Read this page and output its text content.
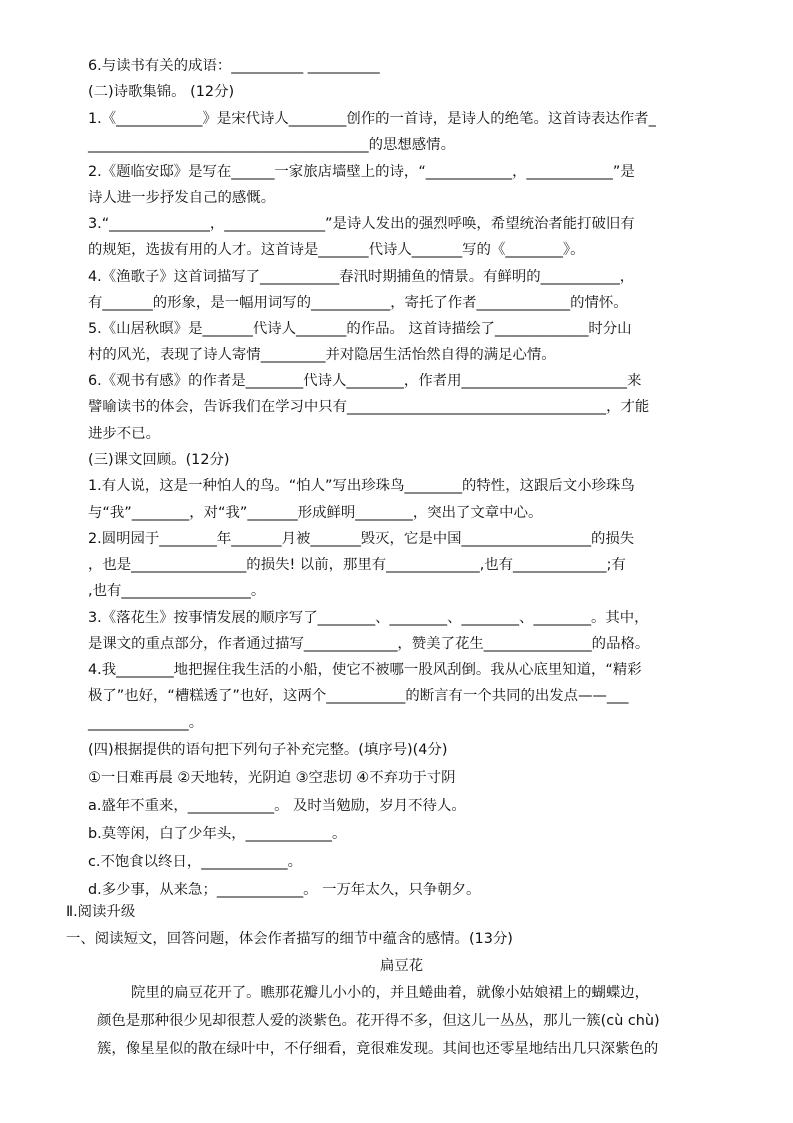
6.与读书有关的成语：__________ __________
(二)诗歌集锦。 (12分)
1.《____________》是宋代诗人________创作的一首诗，是诗人的绝笔。这首诗表达作者_
_______________________________________的思想感情。
2.《题临安邸》是写在______一家旅店墙壁上的诗，“____________，____________”是
诗人进一步抒发自己的感慨。
3.“______________，______________”是诗人发出的强烈呼唤，希望统治者能打破旧有
的规矩，选拔有用的人才。这首诗是_______代诗人_______写的《________》。
4.《渔歌子》这首词描写了___________春汛时期捕鱼的情景。有鲜明的___________，
有_______的形象，是一幅用词写的___________，寄托了作者_____________的情怀。
5.《山居秋暝》是_______代诗人_______的作品。 这首诗描绘了_____________时分山
村的风光，表现了诗人寄情_________并对隐居生活怡然自得的满足心情。
6.《观书有感》的作者是________代诗人________，作者用_______________________来
譬喻读书的体会，告诉我们在学习中只有____________________________________，才能
进步不已。
(三)课文回顾。(12分)
1.有人说，这是一种怕人的鸟。“怕人”写出珍珠鸟________的特性，这跟后文小珍珠鸟
与“我”________，对“我”_______形成鲜明________，突出了文章中心。
2.圆明园于________年_______月被_______毁灭，它是中国__________________的损失
，也是________________的损失! 以前，那里有_____________,也有_____________;有
,也有__________________。
3.《落花生》按事情发展的顺序写了________、________、________、________。其中，
是课文的重点部分，作者通过描写_____________，赞美了花生_______________的品格。
4.我________地把握住我生活的小船，使它不被哪一股风刮倒。我从心底里知道，“精彩
极了”也好，“槽糕透了”也好，这两个___________的断言有一个共同的出发点——___
______________。
(四)根据提供的语句把下列句子补充完整。(填序号)(4分)
①一日难再晨 ②天地转，光阴迫 ③空悲切 ④不弃功于寸阴
a.盛年不重来，____________。 及时当勉励，岁月不待人。
b.莫等闲，白了少年头，____________。
c.不饱食以终日，____________。
d.多少事，从来急；____________。 一万年太久，只争朝夕。
Ⅱ.阅读升级
一、阅读短文，回答问题，体会作者描写的细节中蕴含的感情。(13分)
扁豆花
院里的扁豆花开了。瞧那花瓣儿小小的，并且蜷曲着，就像小姑娘裙上的蝴蝶边，
颜色是那种很少见却很惹人爱的淡紫色。花开得不多，但这儿一丛丛，那儿一簇(cù chù)
簇，像星星似的散在绿叶中，不仔细看，竟很难发现。其间也还零星地结出几只深紫色的
